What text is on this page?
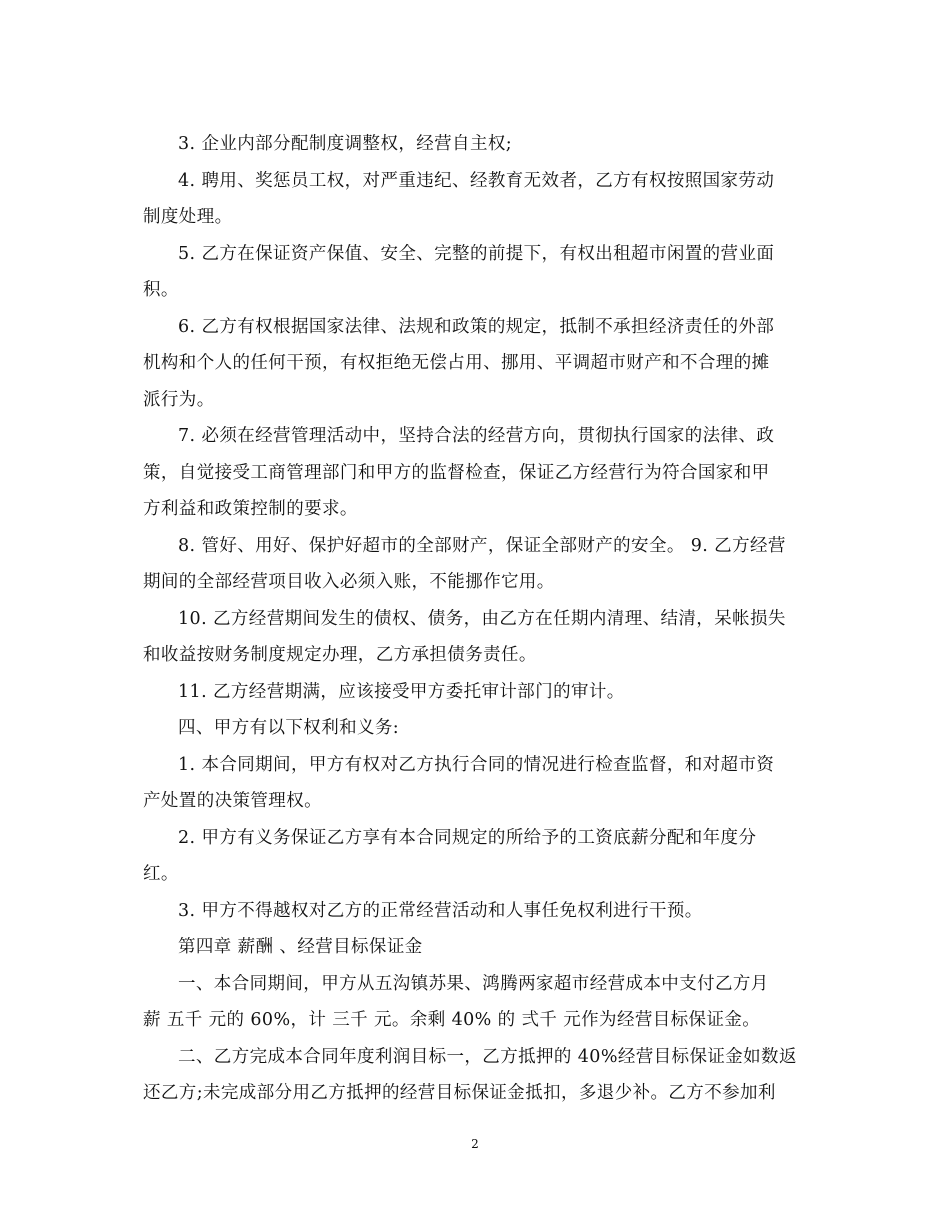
3. 企业内部分配制度调整权，经营自主权;

4. 聘用、奖惩员工权，对严重违纪、经教育无效者，乙方有权按照国家劳动
制度处理。

5. 乙方在保证资产保值、安全、完整的前提下，有权出租超市闲置的营业面
积。

6. 乙方有权根据国家法律、法规和政策的规定，抵制不承担经济责任的外部
机构和个人的任何干预，有权拒绝无偿占用、挪用、平调超市财产和不合理的摊
派行为。

7. 必须在经营管理活动中，坚持合法的经营方向，贯彻执行国家的法律、政
策，自觉接受工商管理部门和甲方的监督检查，保证乙方经营行为符合国家和甲
方利益和政策控制的要求。

8. 管好、用好、保护好超市的全部财产，保证全部财产的安全。 9. 乙方经营
期间的全部经营项目收入必须入账，不能挪作它用。

10. 乙方经营期间发生的债权、债务，由乙方在任期内清理、结清，呆帐损失
和收益按财务制度规定办理，乙方承担债务责任。

11. 乙方经营期满，应该接受甲方委托审计部门的审计。

四、甲方有以下权利和义务:

1. 本合同期间，甲方有权对乙方执行合同的情况进行检查监督，和对超市资
产处置的决策管理权。

2. 甲方有义务保证乙方享有本合同规定的所给予的工资底薪分配和年度分
红。

3. 甲方不得越权对乙方的正常经营活动和人事任免权利进行干预。

第四章 薪酬 、经营目标保证金

一、本合同期间，甲方从五沟镇苏果、鸿腾两家超市经营成本中支付乙方月
薪 五千 元的 60%，计 三千 元。余剩 40% 的 弍千 元作为经营目标保证金。

二、乙方完成本合同年度利润目标一，乙方抵押的 40%经营目标保证金如数返
还乙方;未完成部分用乙方抵押的经营目标保证金抵扣，多退少补。乙方不参加利

2
